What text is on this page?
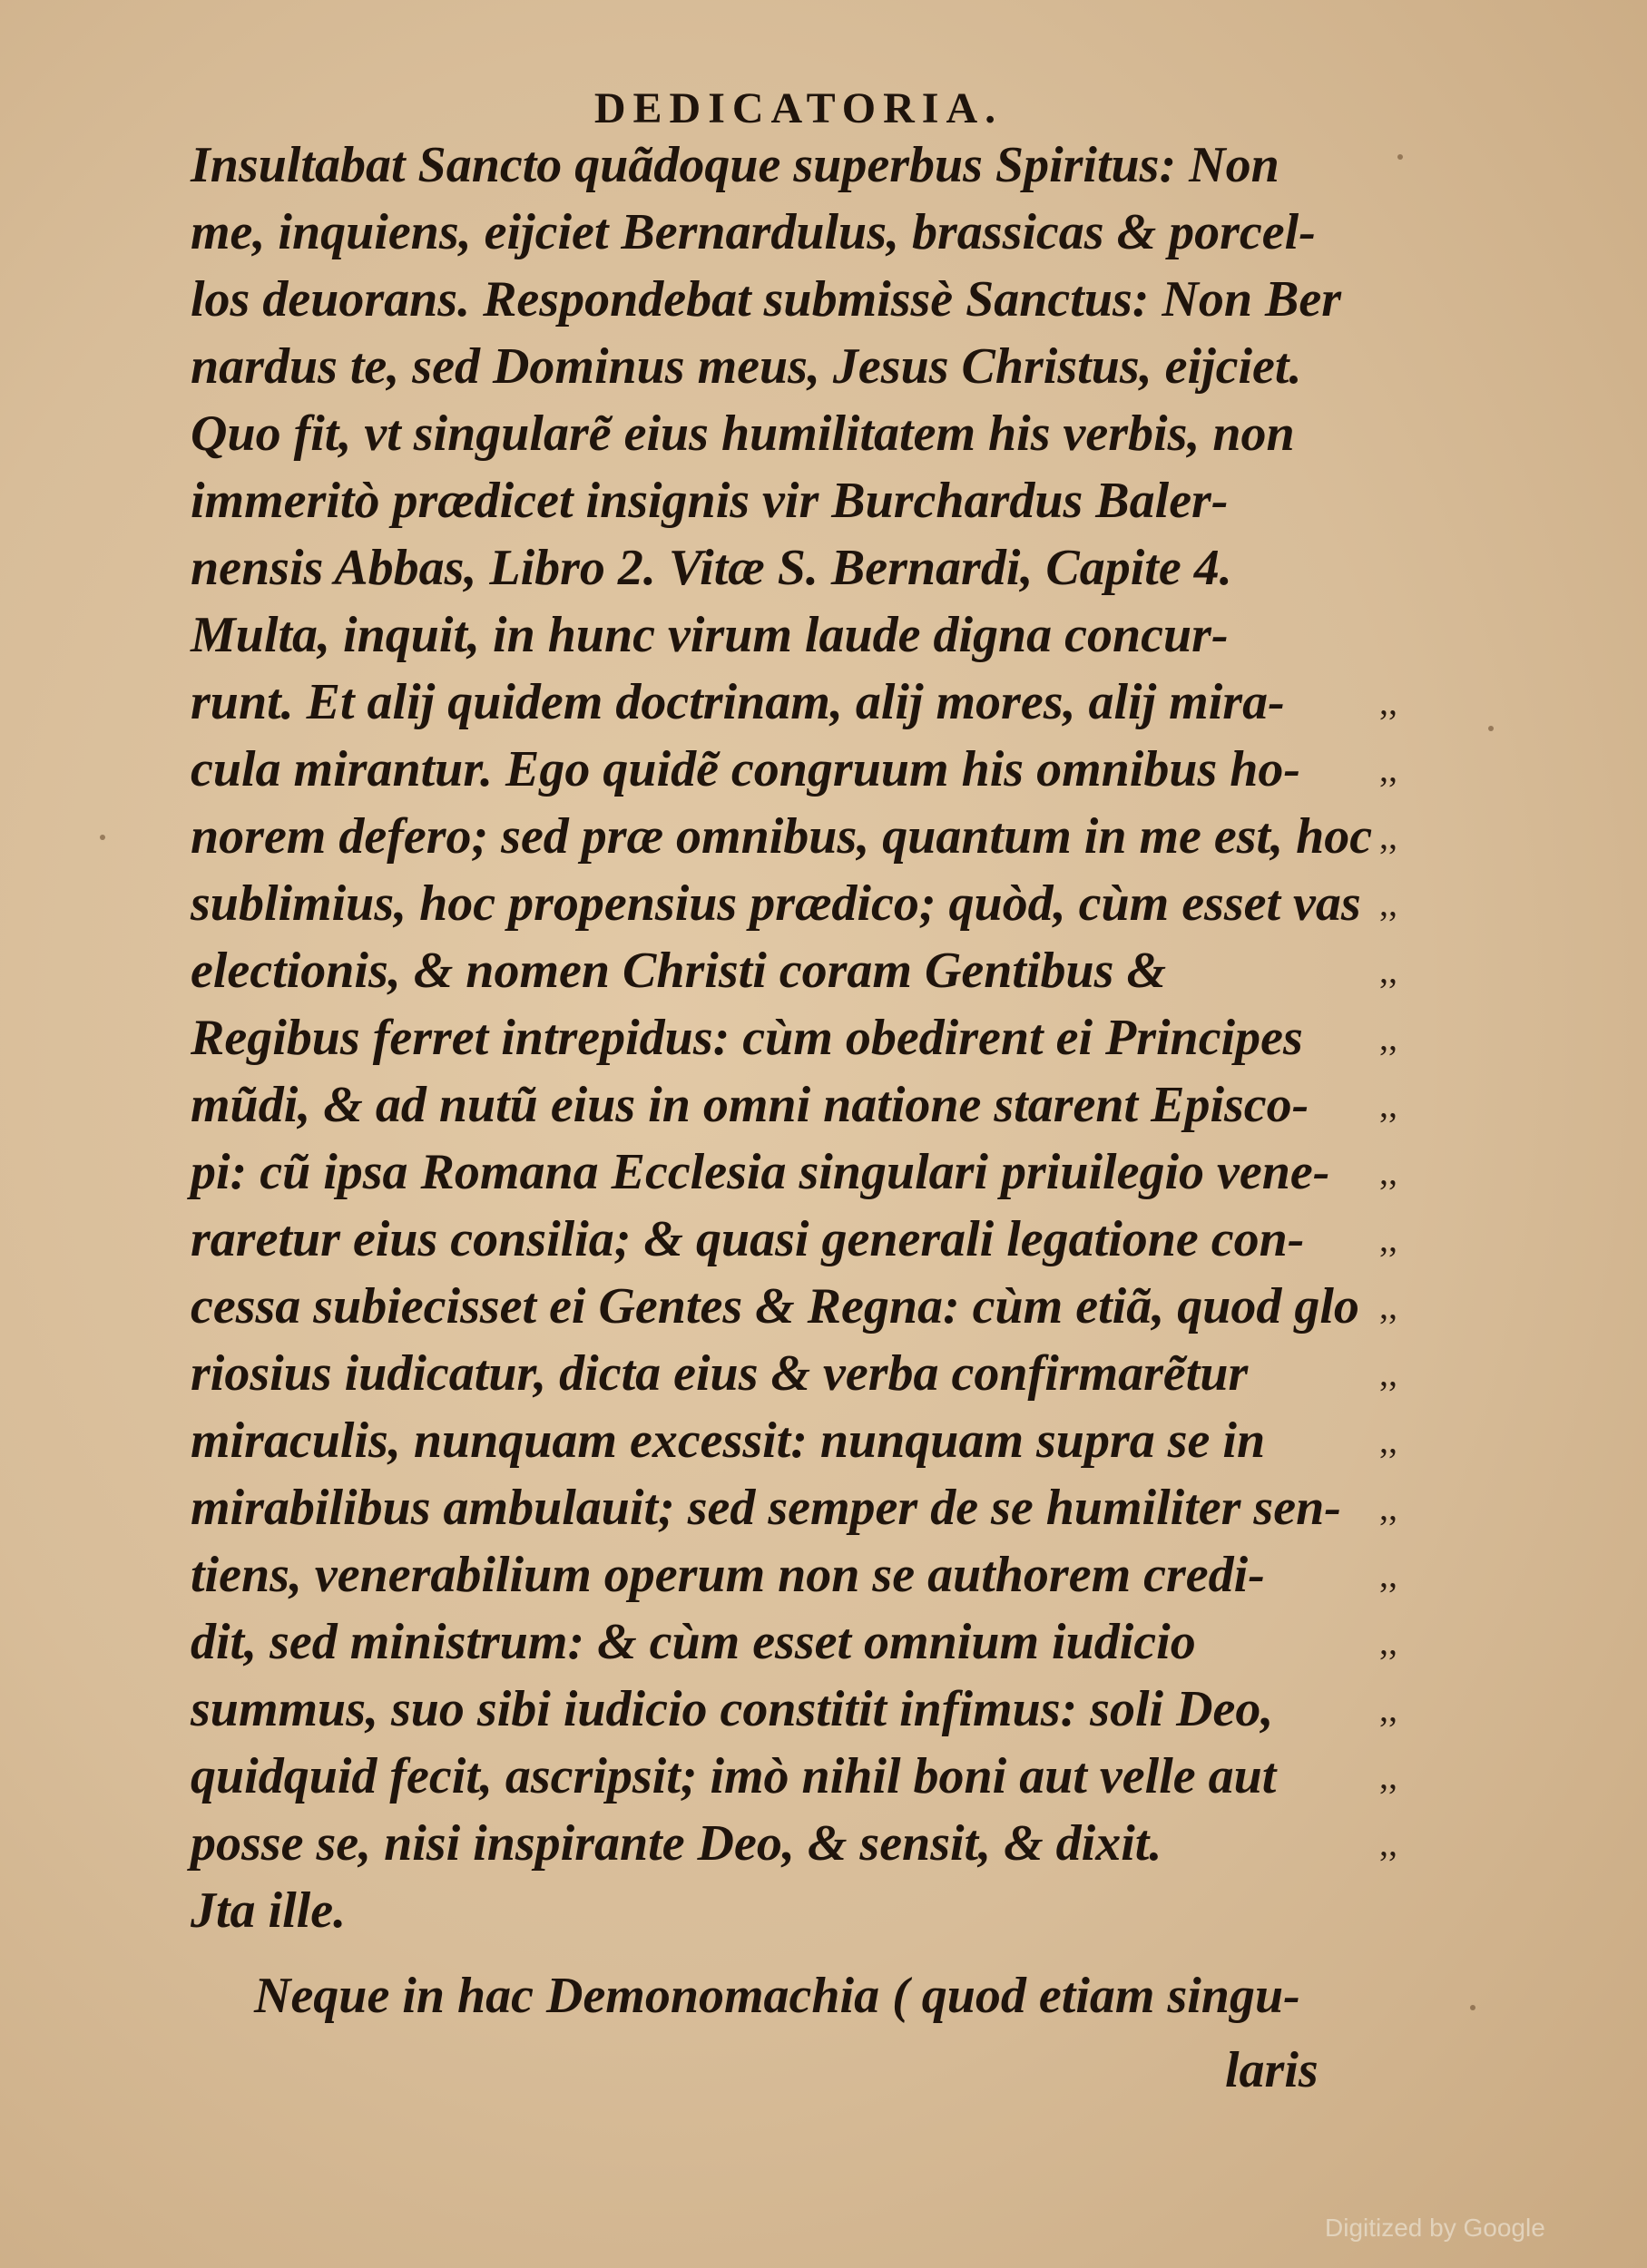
DEDICATORIA.
Insultabat Sancto quãdoque superbus Spiritus: Non
me, inquiens, eijciet Bernardulus, brassicas & porcel-
los deuorans. Respondebat submissè Sanctus: Non Ber
nardus te, sed Dominus meus, Jesus Christus, eijciet.
Quo fit, vt singularẽ eius humilitatem his verbis, non
immeritò prædicet insignis vir Burchardus Baler-
nensis Abbas, Libro 2. Vitæ S. Bernardi, Capite 4.
Multa, inquit, in hunc virum laude digna concur-
runt. Et alij quidem doctrinam, alij mores, alij mira-	,,
cula mirantur. Ego quidẽ congruum his omnibus ho- ,,
norem defero; sed præ omnibus, quantum in me est, hoc ,,
sublimius, hoc propensius prædico; quòd, cùm esset vas ,,
electionis, & nomen Christi coram Gentibus &	,,
Regibus ferret intrepidus: cùm obedirent ei Principes ,,
mũdi, & ad nutũ eius in omni natione starent Episco- ,,
pi: cũ ipsa Romana Ecclesia singulari priuilegio vene- ,,
raretur eius consilia; & quasi generali legatione con- ,,
cessa subiecisset ei Gentes & Regna: cùm etiã, quod glo ,,
riosius iudicatur, dicta eius & verba confirmarẽtur	,,
miraculis, nunquam excessit: nunquam supra se in	,,
mirabilibus ambulauit; sed semper de se humiliter sen- ,,
tiens, venerabilium operum non se authorem credi-	,,
dit, sed ministrum: & cùm esset omnium iudicio	,,
summus, suo sibi iudicio constitit infimus: soli Deo,	,,
quidquid fecit, ascripsit; imò nihil boni aut velle aut	,,
posse se, nisi inspirante Deo, & sensit, & dixit.	,,
Jta ille.
Neque in hac Demonomachia ( quod etiam singu-
laris
Digitized by Google
